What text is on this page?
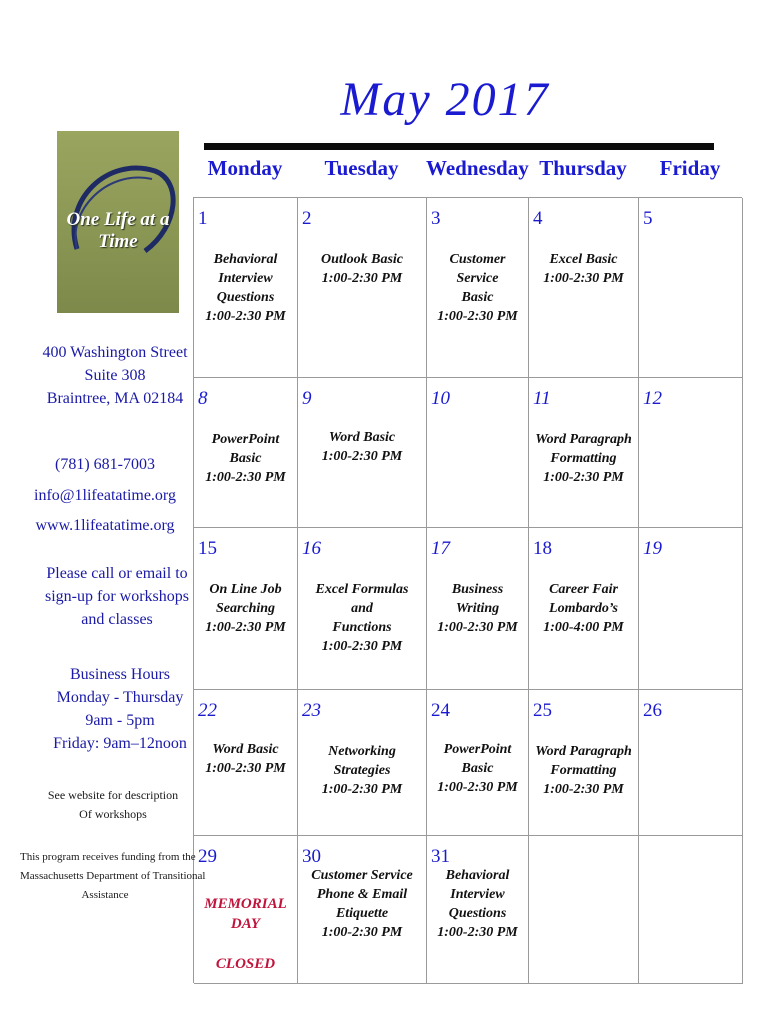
May 2017
Monday	Tuesday	Wednesday Thursday	Friday
1
Behavioral
Interview
Questions
1:00-2:30 PM
2
Outlook Basic
1:00-2:30 PM
3
Customer Service
Basic
1:00-2:30 PM
4
Excel Basic
1:00-2:30 PM
5
8
PowerPoint
Basic
1:00-2:30 PM
9
Word Basic
1:00-2:30 PM
10	11
Word Paragraph
Formatting
1:00-2:30 PM
12
15
On Line Job
Searching
1:00-2:30 PM
16
Excel Formulas and
Functions
1:00-2:30 PM
17
Business Writing
1:00-2:30 PM
18
Career Fair
Lombardo’s
1:00-4:00 PM
19
22
Word Basic
1:00-2:30 PM
23
Networking Strategies
1:00-2:30 PM
24
PowerPoint
Basic
1:00-2:30 PM
25
Word Paragraph
Formatting
1:00-2:30 PM
26
29
MEMORIAL DAY

CLOSED
30
Customer Service
Phone & Email
Etiquette
1:00-2:30 PM
31
Behavioral
Interview
Questions
1:00-2:30 PM
One Life at a Time
400 Washington Street
Suite 308
Braintree, MA 02184
(781) 681-7003
info@1lifeatatime.org
www.1lifeatatime.org
Please call or email to
sign-up for workshops
and classes
Business Hours
Monday - Thursday
9am - 5pm
Friday: 9am–12noon
See website for description
Of workshops
This program receives funding from the
Massachusetts Department of Transitional
Assistance
